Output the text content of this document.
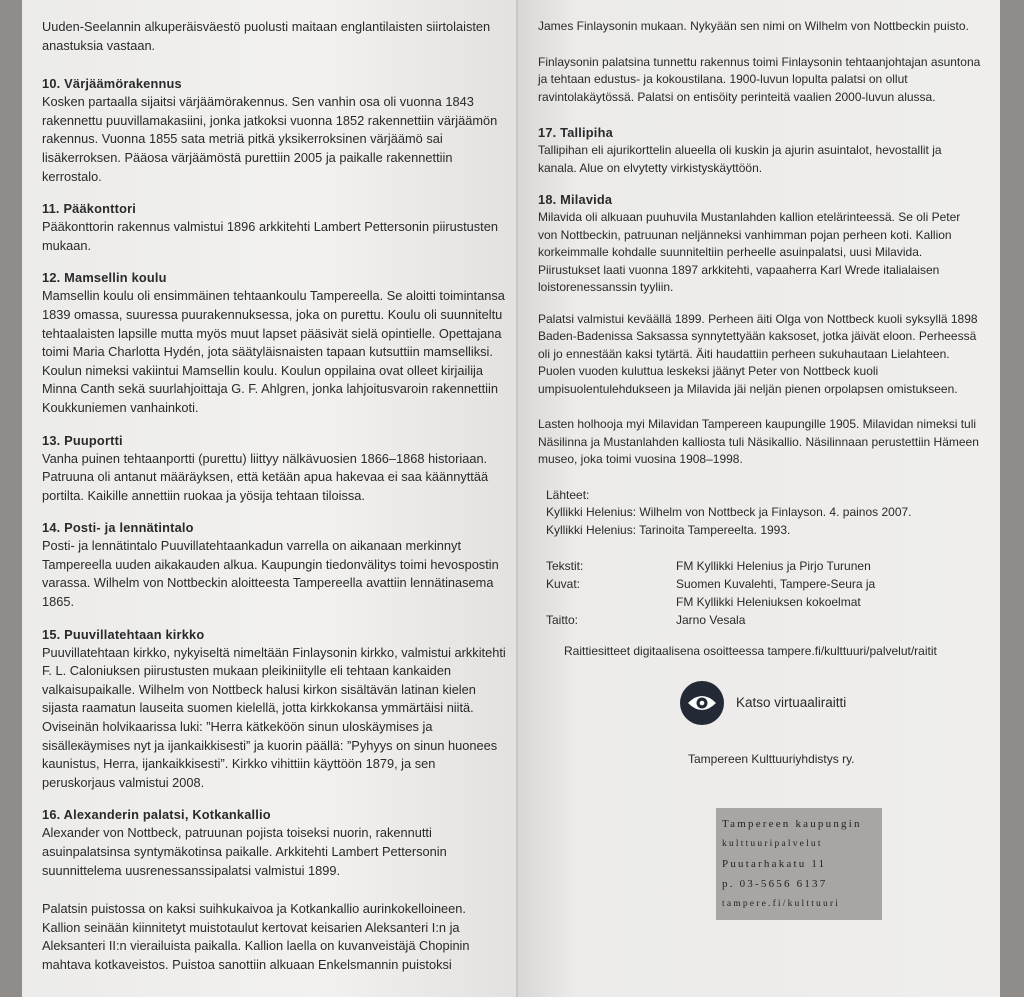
Uuden-Seelannin alkuperäisväestö puolusti maitaan englantilaisten siirtolaisten anastuksia vastaan.

10. Värjäämörakennus

Kosken partaalla sijaitsi värjäämörakennus. Sen vanhin osa oli vuonna 1843 rakennettu puuvillamakasiini, jonka jatkoksi vuonna 1852 rakennettiin värjäämön rakennus. Vuonna 1855 sata metriä pitkä yksikerroksinen värjäämö sai lisäkerroksen. Pääosa värjäämöstä purettiin 2005 ja paikalle rakennettiin kerrostalo.

11. Pääkonttori

Pääkonttorin rakennus valmistui 1896 arkkitehti Lambert Pettersonin piirustusten mukaan.

12. Mamsellin koulu

Mamsellin koulu oli ensimmäinen tehtaankoulu Tampereella. Se aloitti toimintansa 1839 omassa, suuressa puurakennuksessa, joka on purettu. Koulu oli suunniteltu tehtaalaisten lapsille mutta myös muut lapset pääsivät sielä opintielle. Opettajana toimi Maria Charlotta Hydén, jota säätyläisnaisten tapaan kutsuttiin mamselliksi. Koulun nimeksi vakiintui Mamsellin koulu. Koulun oppilaina ovat olleet kirjailija Minna Canth sekä suurlahjoittaja G. F. Ahlgren, jonka lahjoitusvaroin rakennettiin Koukkuniemen vanhainkoti.

13. Puuportti

Vanha puinen tehtaanportti (purettu) liittyy nälkävuosien 1866–1868 historiaan. Patruuna oli antanut määräyksen, että ketään apua hakevaa ei saa käännyttää portilta. Kaikille annettiin ruokaa ja yösija tehtaan tiloissa.

14. Posti- ja lennätintalo

Posti- ja lennätintalo Puuvillatehtaankadun varrella on aikanaan merkinnyt Tampereella uuden aikakauden alkua. Kaupungin tiedonvälitys toimi hevospostin varassa. Wilhelm von Nottbeckin aloitteesta Tampereella avattiin lennätinasema 1865.

15. Puuvillatehtaan kirkko

Puuvillatehtaan kirkko, nykyiseltä nimeltään Finlaysonin kirkko, valmistui arkkitehti F. L. Caloniuksen piirustusten mukaan pleikiniitylle eli tehtaan kankaiden valkaisupaikalle. Wilhelm von Nottbeck halusi kirkon sisältävän latinan kielen sijasta raamatun lauseita suomen kielellä, jotta kirkkokansa ymmärtäisi niitä. Oviseinän holvikaarissa luki: ”Herra kätkeköön sinun uloskäymises ja sisälleкäymises nyt ja ijankaikkisesti” ja kuorin päällä: ”Pyhyys on sinun huonees kaunistus, Herra, ijankaikkisesti”. Kirkko vihittiin käyttöön 1879, ja sen peruskorjaus valmistui 2008.

16. Alexanderin palatsi, Kotkankallio

Alexander von Nottbeck, patruunan pojista toiseksi nuorin, rakennutti asuinpalatsinsa syntymäkotinsa paikalle. Arkkitehti Lambert Pettersonin suunnittelema uusrenessanssipalatsi valmistui 1899.

Palatsin puistossa on kaksi suihkukaivoa ja Kotkankallio aurinkokelloineen. Kallion seinään kiinnitetyt muistotaulut kertovat keisarien Aleksanteri I:n ja Aleksanteri II:n vierailuista paikalla. Kallion laella on kuvanveistäjä Chopinin mahtava kotkaveistos. Puistoa sanottiin alkuaan Enkelsmannin puistoksi

James Finlaysonin mukaan. Nykyään sen nimi on Wilhelm von Nottbeckin puisto.

Finlaysonin palatsina tunnettu rakennus toimi Finlaysonin tehtaanjohtajan asuntona ja tehtaan edustus- ja kokoustilana. 1900-luvun lopulta palatsi on ollut ravintolakäytössä. Palatsi on entisöity perinteitä vaalien 2000-luvun alussa.

17. Tallipiha

Tallipihan eli ajurikorttelin alueella oli kuskin ja ajurin asuintalot, hevostallit ja kanala. Alue on elvytetty virkistyskäyttöön.

18. Milavida

Milavida oli alkuaan puuhuvila Mustanlahden kallion etelärinteessä. Se oli Peter von Nottbeckin, patruunan neljänneksi vanhimman pojan perheen koti. Kallion korkeimmalle kohdalle suunniteltiin perheelle asuinpalatsi, uusi Milavida. Piirustukset laati vuonna 1897 arkkitehti, vapaaherra Karl Wrede italialaisen loistorenessanssin tyyliin.

Palatsi valmistui keväällä 1899. Perheen äiti Olga von Nottbeck kuoli syksyllä 1898 Baden-Badenissa Saksassa synnytettyään kaksoset, jotka jäivät eloon. Perheessä oli jo ennestään kaksi tytärtä. Äiti haudattiin perheen sukuhautaan Lielahteen. Puolen vuoden kuluttua leskeksi jäänyt Peter von Nottbeck kuoli umpisuolentulehdukseen ja Milavida jäi neljän pienen orpolapsen omistukseen.

Lasten holhooja myi Milavidan Tampereen kaupungille 1905. Milavidan nimeksi tuli Näsilinna ja Mustanlahden kalliosta tuli Näsikallio. Näsilinnaan perustettiin Hämeen museo, joka toimi vuosina 1908–1998.

Lähteet:

Kyllikki Helenius: Wilhelm von Nottbeck ja Finlayson. 4. painos 2007.

Kyllikki Helenius: Tarinoita Tampereelta. 1993.

Tekstit:	FM Kyllikki Helenius ja Pirjo Turunen
Kuvat:	Suomen Kuvalehti, Tampere-Seura ja
FM Kyllikki Heleniuksen kokoelmat
Taitto:	Jarno Vesala

Raittiesitteet digitaalisena osoitteessa tampere.fi/kulttuuri/palvelut/raitit

Katso virtuaaliraitti

Tampereen Kulttuuriyhdistys ry.

Tampereen kaupungin
kulttuuripalvelut
Puutarhakatu 11
p. 03-5656 6137
tampere.fi/kulttuuri
